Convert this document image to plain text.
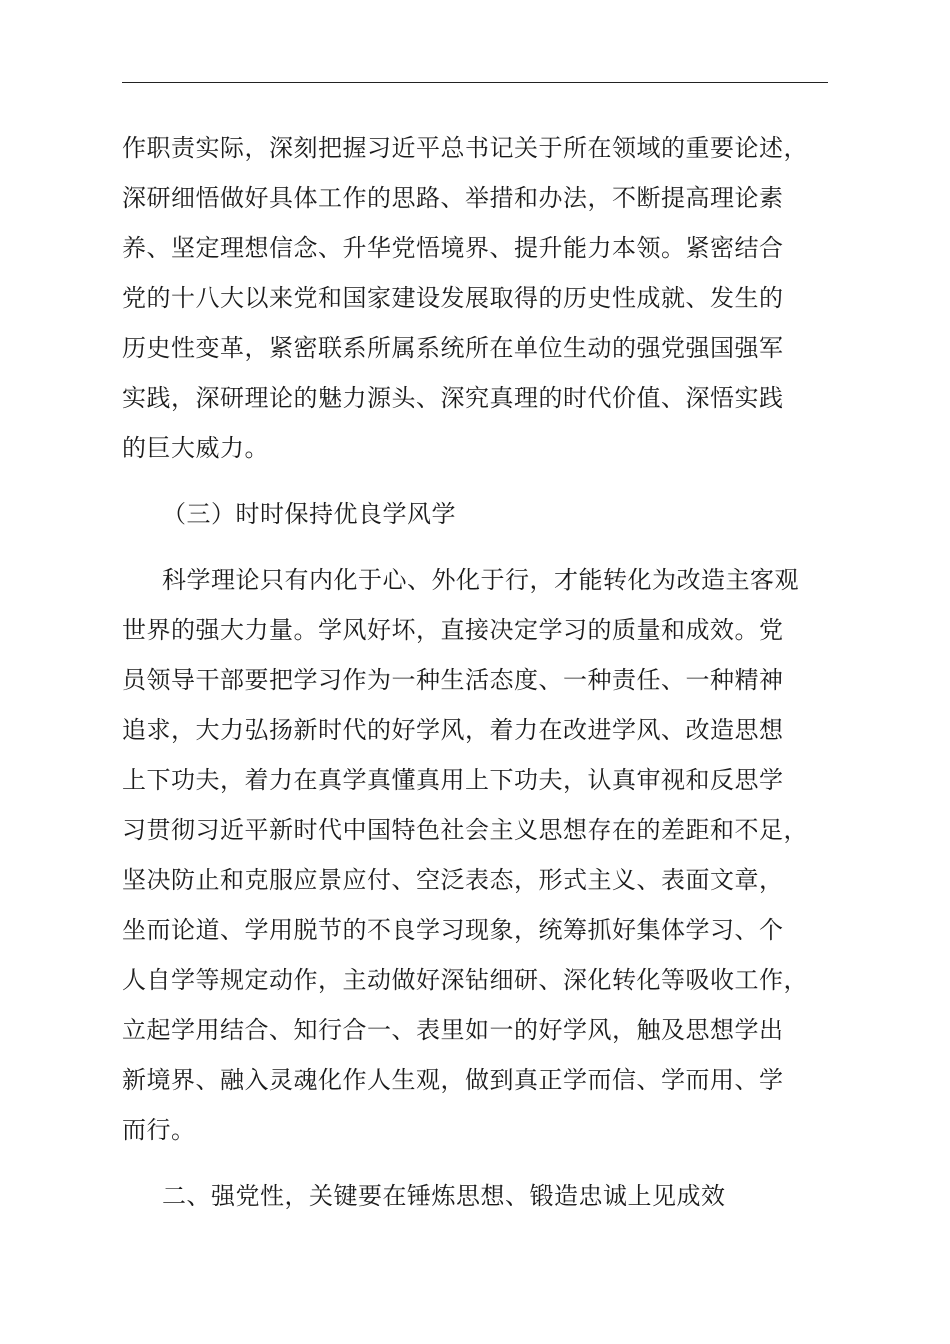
作职责实际，深刻把握习近平总书记关于所在领域的重要论述，
深研细悟做好具体工作的思路、举措和办法，不断提高理论素
养、坚定理想信念、升华党悟境界、提升能力本领。紧密结合
党的十八大以来党和国家建设发展取得的历史性成就、发生的
历史性变革，紧密联系所属系统所在单位生动的强党强国强军
实践，深研理论的魅力源头、深究真理的时代价值、深悟实践
的巨大威力。
（三）时时保持优良学风学
科学理论只有内化于心、外化于行，才能转化为改造主客观
世界的强大力量。学风好坏，直接决定学习的质量和成效。党
员领导干部要把学习作为一种生活态度、一种责任、一种精神
追求，大力弘扬新时代的好学风，着力在改进学风、改造思想
上下功夫，着力在真学真懂真用上下功夫，认真审视和反思学
习贯彻习近平新时代中国特色社会主义思想存在的差距和不足，
坚决防止和克服应景应付、空泛表态，形式主义、表面文章，
坐而论道、学用脱节的不良学习现象，统筹抓好集体学习、个
人自学等规定动作，主动做好深钻细研、深化转化等吸收工作，
立起学用结合、知行合一、表里如一的好学风，触及思想学出
新境界、融入灵魂化作人生观，做到真正学而信、学而用、学
而行。
二、强党性，关键要在锤炼思想、锻造忠诚上见成效
